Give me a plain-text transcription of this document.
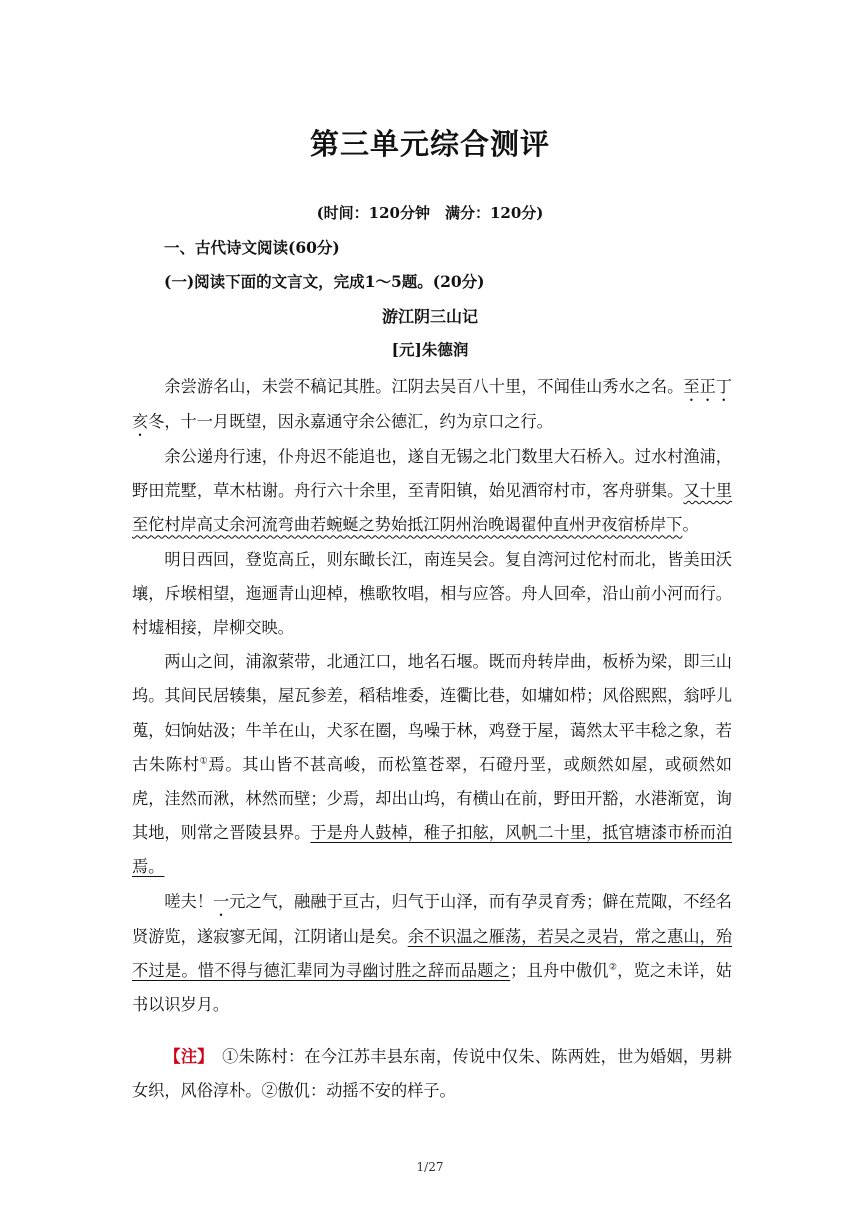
第三单元综合测评
(时间：120分钟　满分：120分)
一、古代诗文阅读(60分)
(一)阅读下面的文言文，完成1～5题。(20分)
游江阴三山记
[元]朱德润

余尝游名山，未尝不稿记其胜。江阴去吴百八十里，不闻佳山秀水之名。至正丁亥冬，十一月既望，因永嘉通守余公德汇，约为京口之行。

余公递舟行速，仆舟迟不能追也，遂自无锡之北门数里大石桥入。过水村渔浦，野田荒墅，草木枯谢。舟行六十余里，至青阳镇，始见酒帘村市，客舟骈集。又十里至佗村岸高丈余河流弯曲若蜿蜒之势始抵江阴州治晚谒翟仲直州尹夜宿桥岸下。

明日西回，登览高丘，则东瞰长江，南连吴会。复自湾河过佗村而北，皆美田沃壤，斥堠相望，迤逦青山迎棹，樵歌牧唱，相与应答。舟人回牵，沿山前小河而行。村墟相接，岸柳交映。

两山之间，浦溆萦带，北通江口，地名石堰。既而舟转岸曲，板桥为梁，即三山坞。其间民居辏集，屋瓦参差，稻秸堆委，连衢比巷，如墉如栉；风俗熙熙，翁呼儿蒐，妇饷姑汲；牛羊在山，犬豕在圈，鸟噪于林，鸡登于屋，蔼然太平丰稔之象，若古朱陈村①焉。其山皆不甚高峻，而松篁苍翠，石磴丹垩，或颇然如屋，或硕然如虎，洼然而湫，林然而壁；少焉，却出山坞，有横山在前，野田开豁，水港渐宽，询其地，则常之晋陵县界。于是舟人鼓棹，稚子扣舷，风帆二十里，抵官塘漆市桥而泊焉。

嗟夫！一元之气，融融于亘古，归气于山泽，而有孕灵育秀；僻在荒陬，不经名贤游览，遂寂寥无闻，江阴诸山是矣。余不识温之雁荡，若吴之灵岩，常之惠山，殆不过是。惜不得与德汇辈同为寻幽讨胜之辞而品题之；且舟中傲仉②，览之未详，姑书以识岁月。

【注】　①朱陈村：在今江苏丰县东南，传说中仅朱、陈两姓，世为婚姻，男耕女织，风俗淳朴。②傲仉：动摇不安的样子。

1/27
